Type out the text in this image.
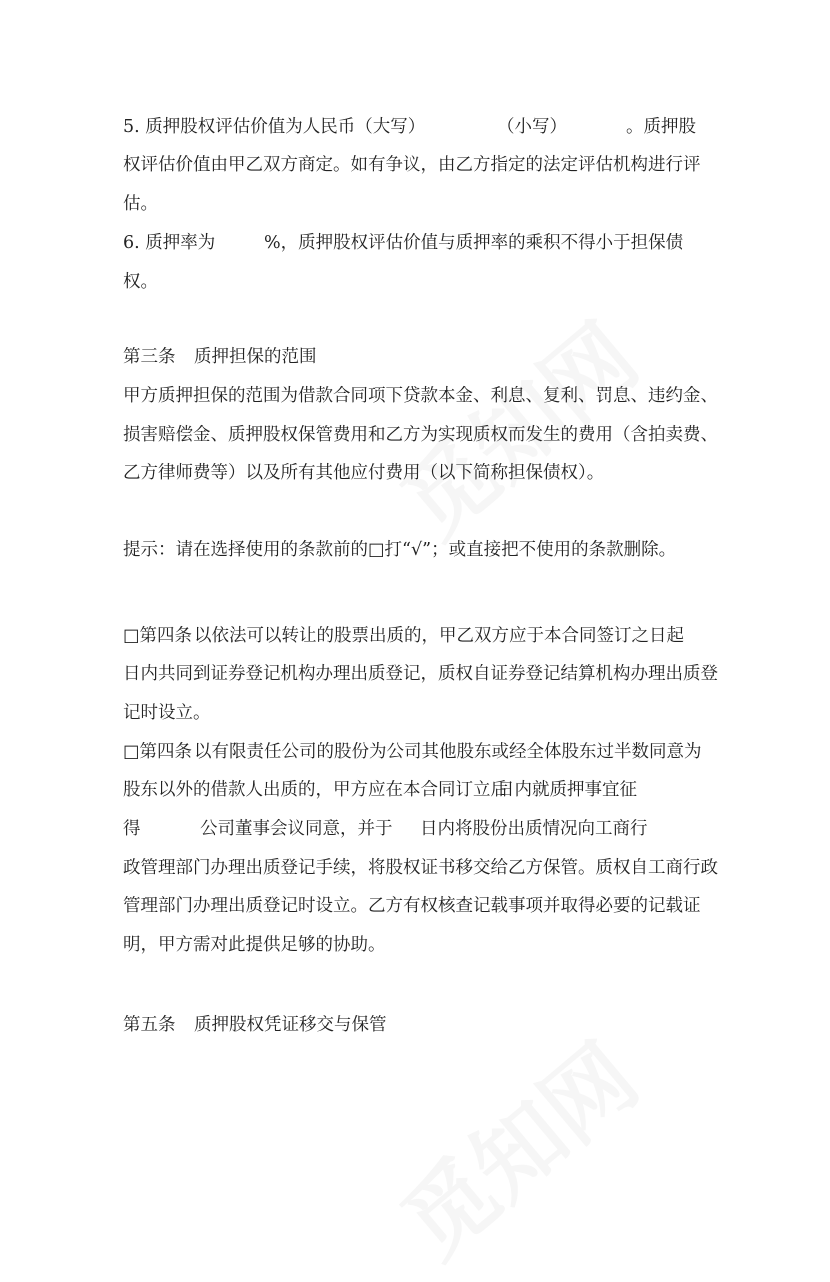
5. 质押股权评估价值为人民币（大写）	（小写）	。质押股
权评估价值由甲乙双方商定。如有争议，由乙方指定的法定评估机构进行评
估。
6. 质押率为	%，质押股权评估价值与质押率的乘积不得小于担保债
权。
第三条 质押担保的范围
甲方质押担保的范围为借款合同项下贷款本金、利息、复利、罚息、违约金、
损害赔偿金、质押股权保管费用和乙方为实现质权而发生的费用（含拍卖费、
乙方律师费等）以及所有其他应付费用（以下简称担保债权）。
提示：请在选择使用的条款前的□打“√”；或直接把不使用的条款删除。
□第四条 以依法可以转让的股票出质的，甲乙双方应于本合同签订之日起
日内共同到证券登记机构办理出质登记，质权自证券登记结算机构办理出质登
记时设立。
□第四条 以有限责任公司的股份为公司其他股东或经全体股东过半数同意为
股东以外的借款人出质的，甲方应在本合同订立后
日内就质押事宜征
得	公司董事会议同意，并于 日内将股份出质情况向工商行
政管理部门办理出质登记手续，将股权证书移交给乙方保管。质权自工商行政
管理部门办理出质登记时设立。乙方有权核查记载事项并取得必要的记载证
明，甲方需对此提供足够的协助。
第五条 质押股权凭证移交与保管
